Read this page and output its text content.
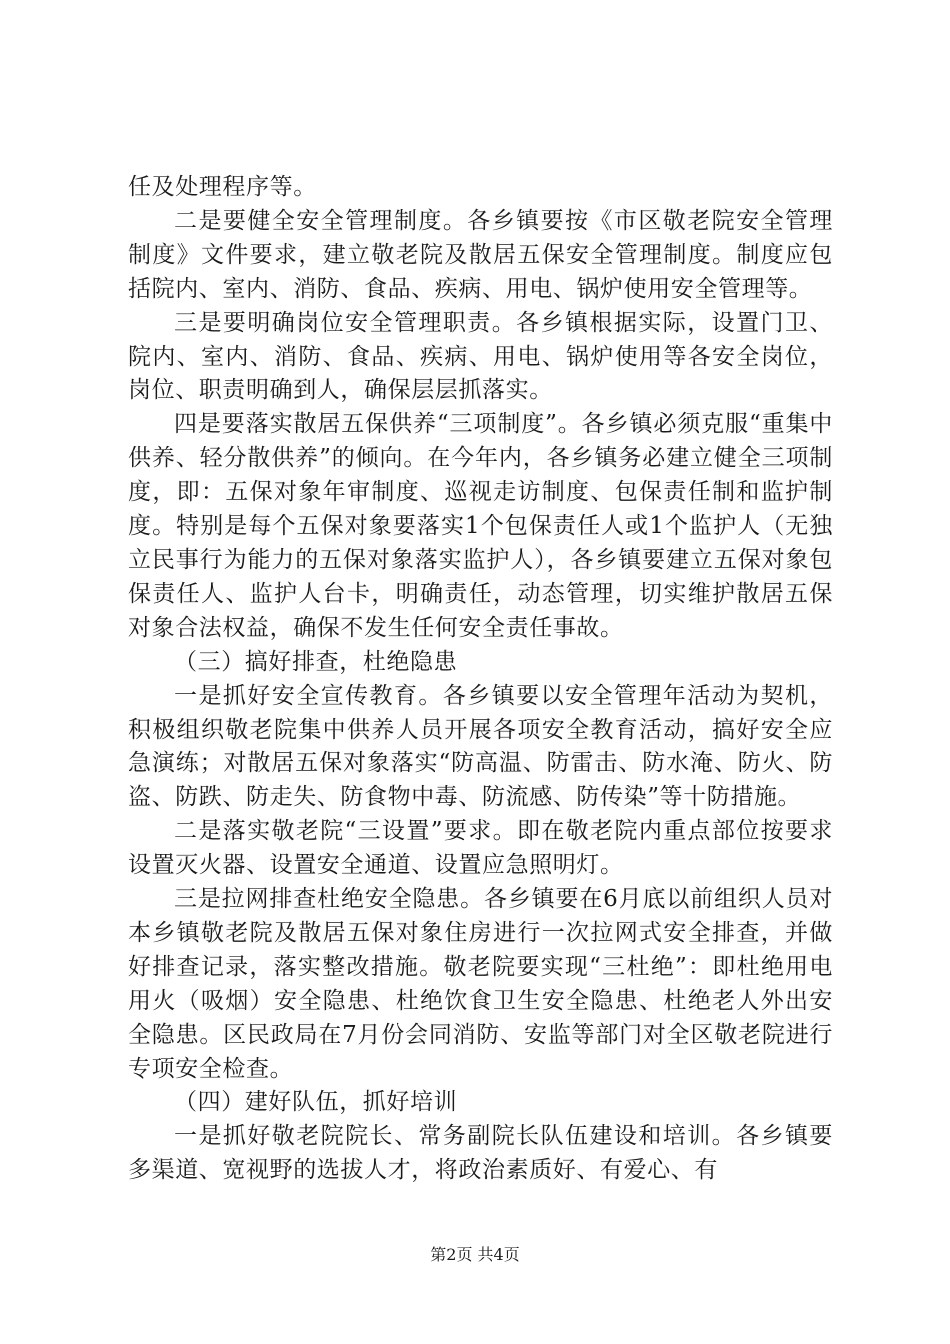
任及处理程序等。

二是要健全安全管理制度。各乡镇要按《市区敬老院安全管理制度》文件要求，建立敬老院及散居五保安全管理制度。制度应包括院内、室内、消防、食品、疾病、用电、锅炉使用安全管理等。

三是要明确岗位安全管理职责。各乡镇根据实际，设置门卫、院内、室内、消防、食品、疾病、用电、锅炉使用等各安全岗位，岗位、职责明确到人，确保层层抓落实。

四是要落实散居五保供养“三项制度”。各乡镇必须克服“重集中供养、轻分散供养”的倾向。在今年内，各乡镇务必建立健全三项制度，即：五保对象年审制度、巡视走访制度、包保责任制和监护制度。特别是每个五保对象要落实1个包保责任人或1个监护人（无独立民事行为能力的五保对象落实监护人），各乡镇要建立五保对象包保责任人、监护人台卡，明确责任，动态管理，切实维护散居五保对象合法权益，确保不发生任何安全责任事故。

（三）搞好排查，杜绝隐患

一是抓好安全宣传教育。各乡镇要以安全管理年活动为契机，积极组织敬老院集中供养人员开展各项安全教育活动，搞好安全应急演练；对散居五保对象落实“防高温、防雷击、防水淹、防火、防盗、防跌、防走失、防食物中毒、防流感、防传染”等十防措施。

二是落实敬老院“三设置”要求。即在敬老院内重点部位按要求设置灭火器、设置安全通道、设置应急照明灯。

三是拉网排查杜绝安全隐患。各乡镇要在6月底以前组织人员对本乡镇敬老院及散居五保对象住房进行一次拉网式安全排查，并做好排查记录，落实整改措施。敬老院要实现“三杜绝”：即杜绝用电用火（吸烟）安全隐患、杜绝饮食卫生安全隐患、杜绝老人外出安全隐患。区民政局在7月份会同消防、安监等部门对全区敬老院进行专项安全检查。

（四）建好队伍，抓好培训

一是抓好敬老院院长、常务副院长队伍建设和培训。各乡镇要多渠道、宽视野的选拔人才，将政治素质好、有爱心、有

第2页 共4页
